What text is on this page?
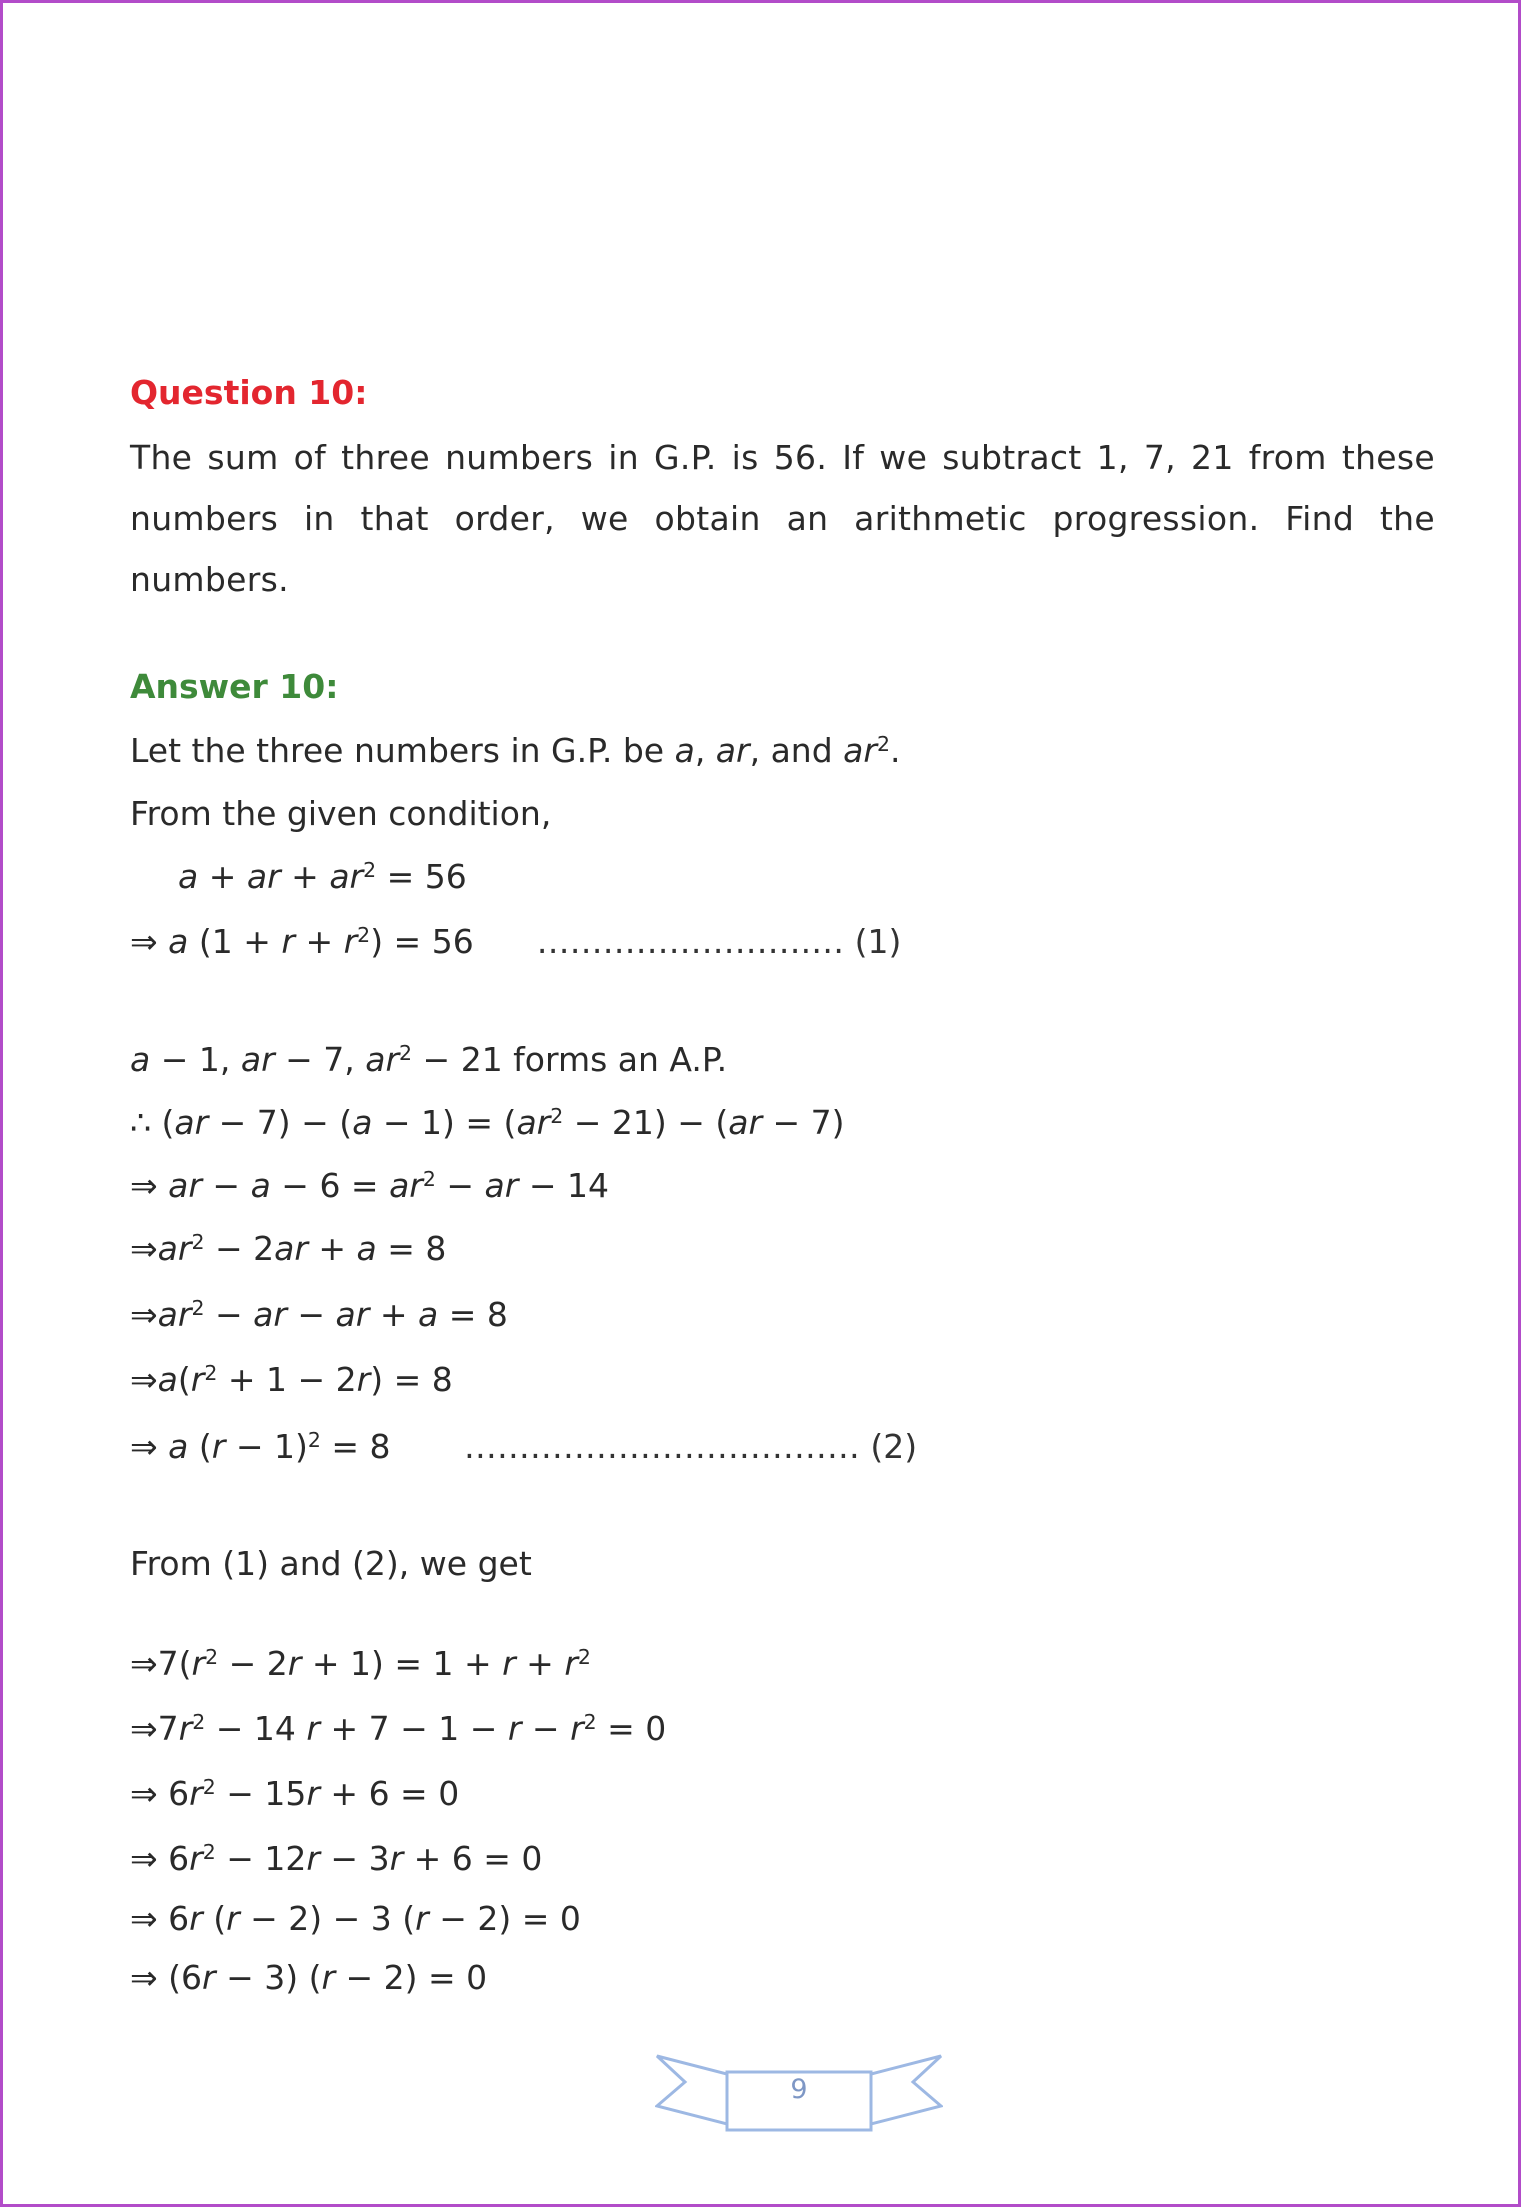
Question 10:
The sum of three numbers in G.P. is 56. If we subtract 1, 7, 21 from these numbers in that order, we obtain an arithmetic progression. Find the numbers.
Answer 10:
Let the three numbers in G.P. be a, ar, and $ar^2$.
From the given condition,
a + ar + $ar^2 = 56$
⇒ a $(1 + r + r^2) = 56$      …………………….… (1)
a − 1, ar − 7, $ar^2 - 21$ forms an A.P.
∴ $(ar - 7) - (a - 1) = (ar^2 - 21) - (ar - 7)$
⇒ ar − $a - 6 = ar^2$ − ar − 14
$\Rightarrow ar^2 - 2ar + a = 8$
$\Rightarrow ar^2$ − ar − ar + a = 8
$\Rightarrow a(r^2 + 1 - 2r) = 8$
⇒ a $(r - 1)^2 = 8$       ……………………………… (2)
From (1) and (2), we get
$\Rightarrow 7(r^2 - 2r + 1) = 1 + r + r^2$
$\Rightarrow 7r^2 - 14$ $r + 7 - 1 - r - r^2 = 0$
⇒ $6r^2 - 15r + 6 = 0$
⇒ $6r^2 - 12r - 3r + 6 = 0$
⇒ 6r (r − 2) − 3 (r − 2) = 0
⇒ (6r − 3) (r − 2) = 0
9
